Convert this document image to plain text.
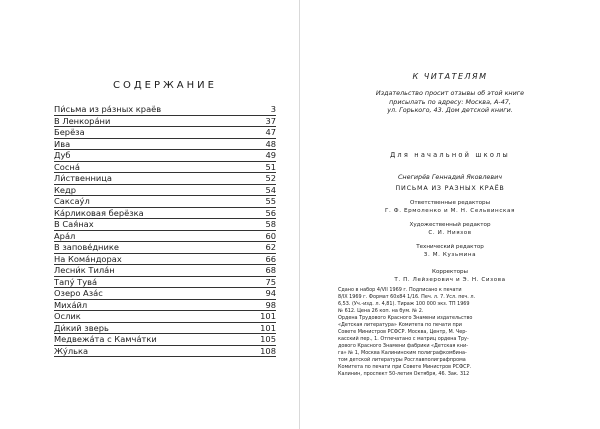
СОДЕРЖАНИЕ
Пи́сьма из ра́зных краёв	3
В Ленкора́ни	37
Берёза	47
Ива	48
Дуб	49
Сосна́	51
Ли́ственница	52
Кедр	54
Саксау́л	55
Ка́рликовая берёзка	56
В Сая́нах	58
Ара́л	60
В запове́днике	62
На Кома́ндорах	66
Лесни́к Тила́н	68
Тапу́ Тува́	75
Озеро Аза́с	94
Миха́йл	98
Ослик	101
Ди́кий зверь	101
Медвежа́та с Камча́тки	105
Жу́лька	108
К ЧИТАТЕЛЯМ
Издательство просит отзывы об этой книге
присылать по адресу: Москва, А-47,
ул. Горького, 43. Дом детской книги.
Для начальной школы
Снегирёв Геннадий Яковлевич
ПИСЬМА ИЗ РАЗНЫХ КРАЁВ
Ответственные редакторы
Г. Ф. Ермоленко и М. Н. Сельвинская
Художественный редактор
С. И. Ниязов
Технический редактор
З. М. Кузьмина
Корректоры
Т. П. Лейзерович и Э. Н. Сизова
Сдано в набор 4/VII 1969 г. Подписано к печати
8/IX 1969 г. Формат 60x84 1/16. Печ. л. 7. Усл. печ. л.
6,53. (Уч.-изд. л. 4,81). Тираж 100 000 экз. ТП 1969
№ 612. Цена 26 коп. на бум. № 2.
Ордена Трудового Красного Знамени издательство
«Детская литература» Комитета по печати при
Совете Министров РСФСР. Москва, Центр, М. Чер-
касский пер., 1. Отпечатано с матриц ордена Тру-
дового Красного Знамени фабрики «Детская кни-
га» № 1, Москва Калининским полиграфкомбина-
том детской литературы Росглавполиграфпрома
Комитета по печати при Совете Министров РСФСР.
Калинин, проспект 50-летия Октября, 46. Зак. 312
